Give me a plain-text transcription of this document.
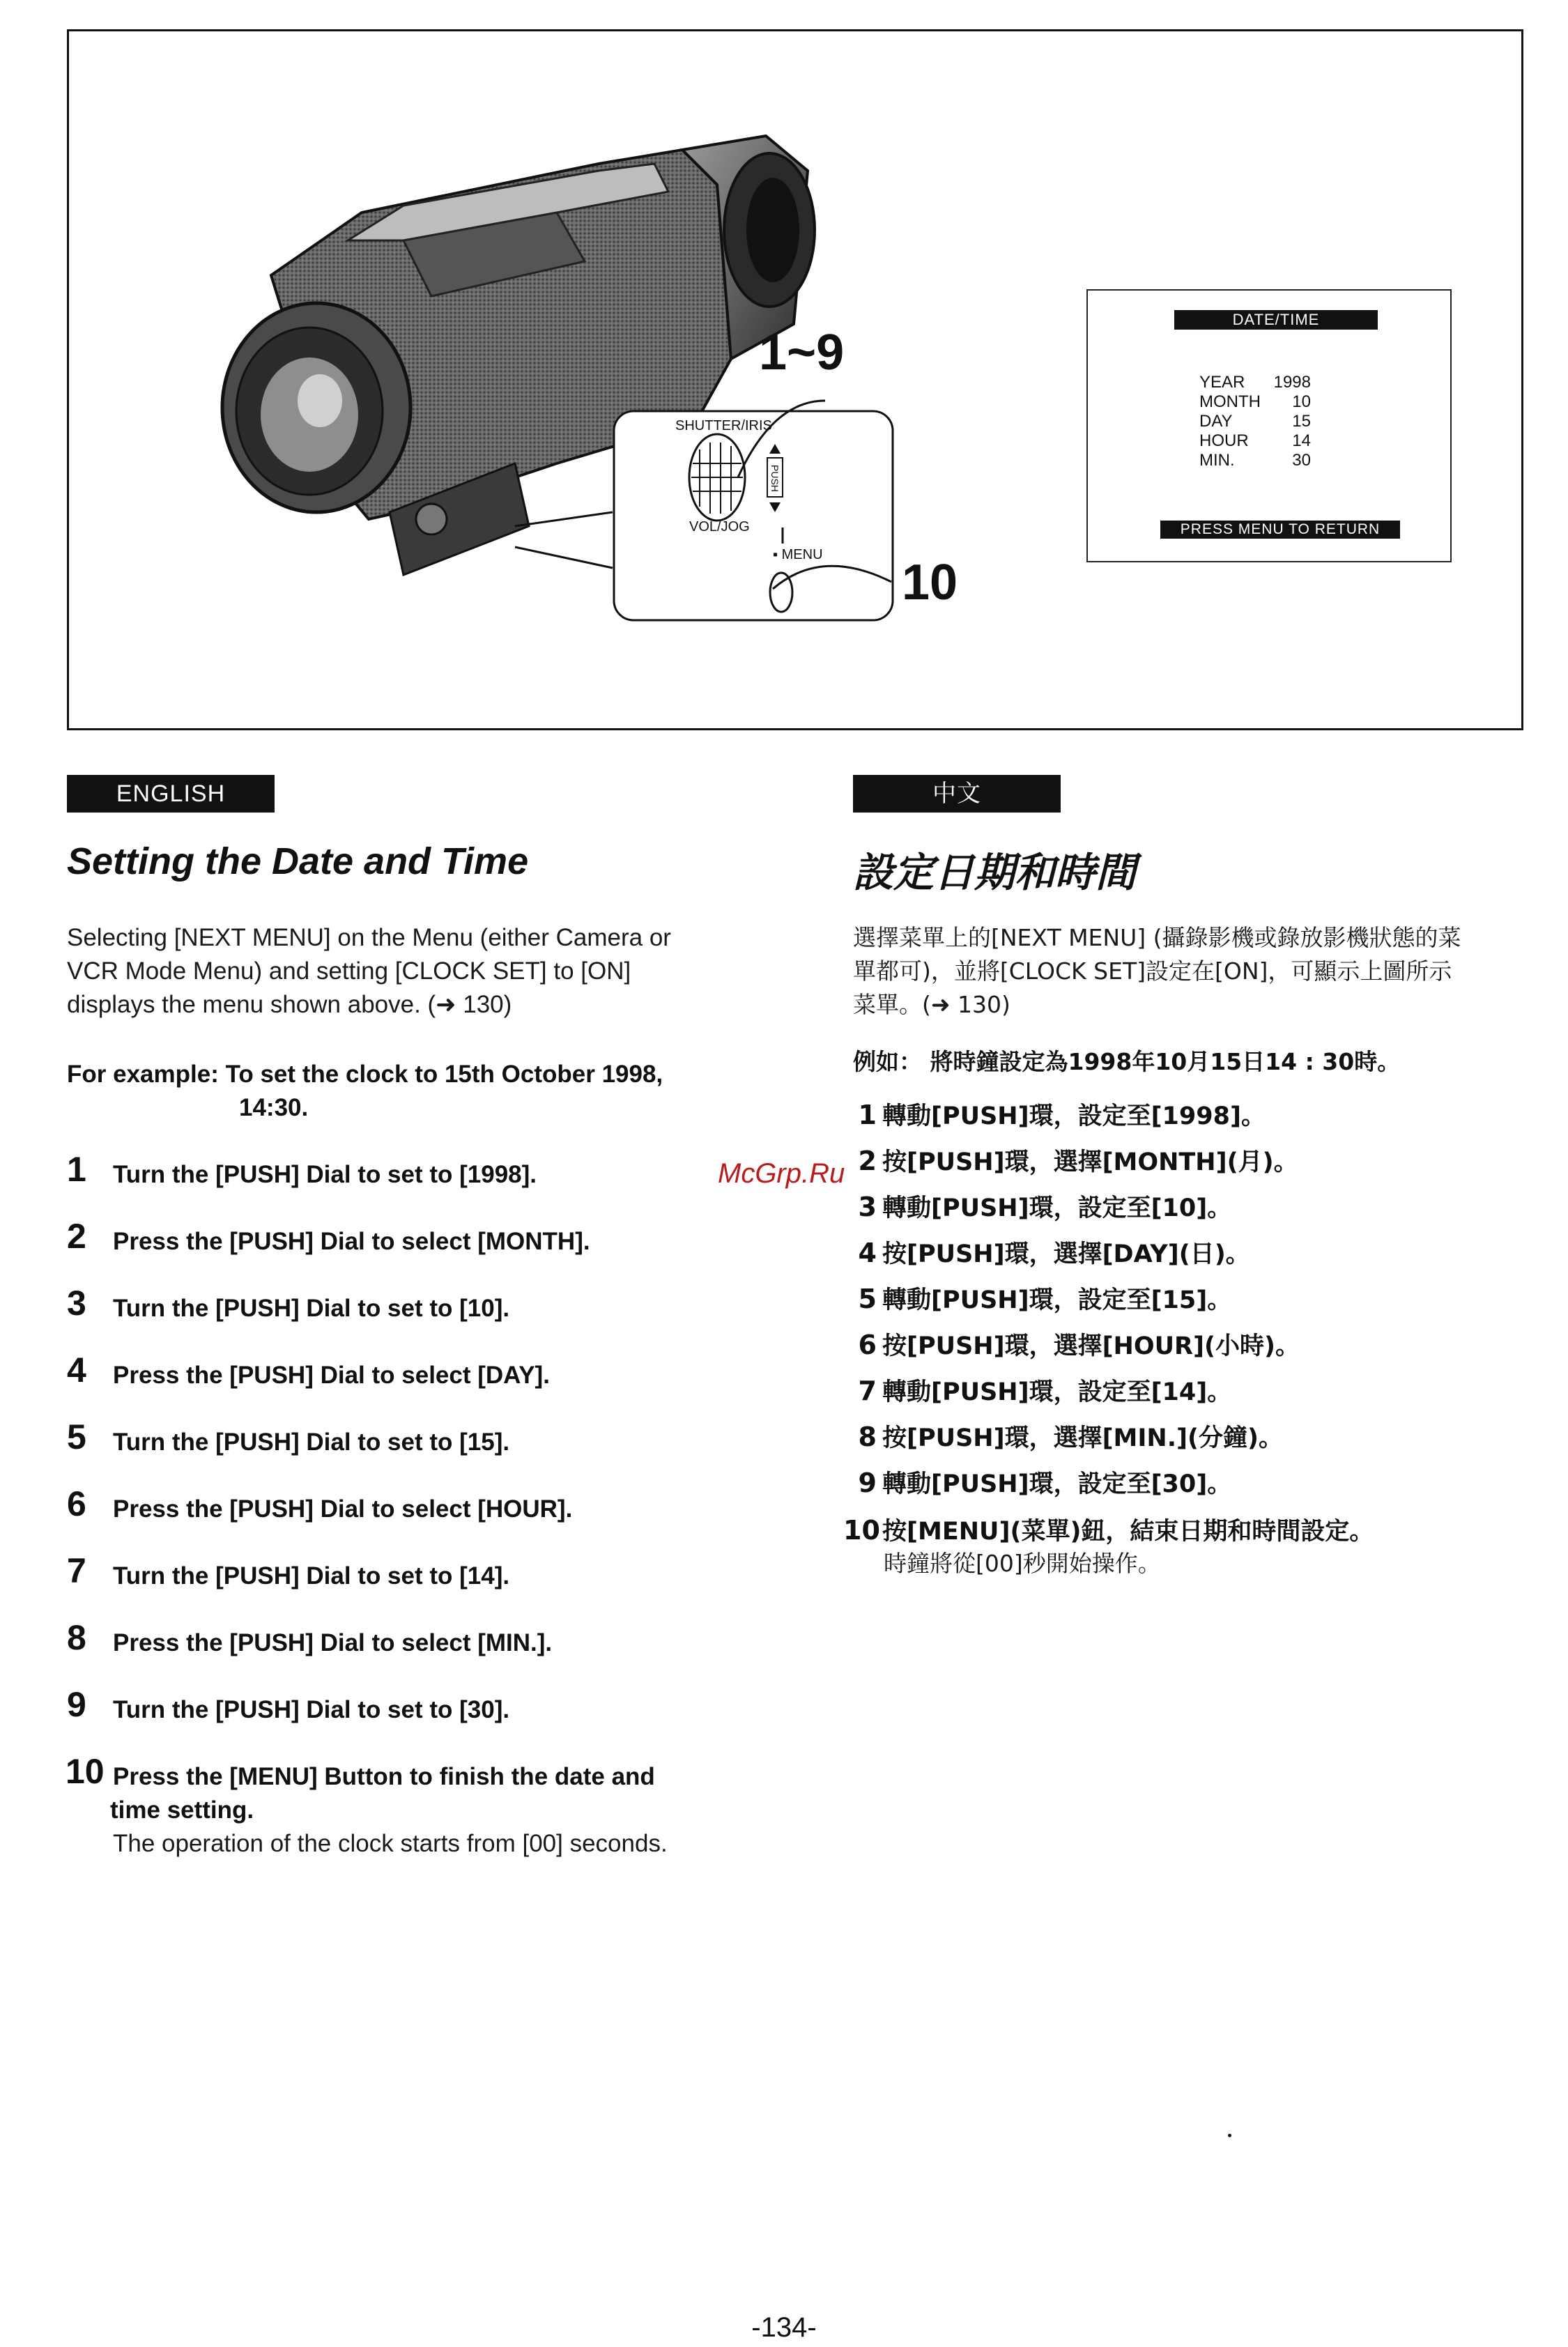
1~9
10
SHUTTER/IRIS
PUSH
VOL/JOG
▪ MENU
DATE/TIME
YEAR	1998
MONTH	10
DAY	15
HOUR	14
MIN.	30
PRESS MENU TO RETURN
ENGLISH
Setting the Date and Time
Selecting [NEXT MENU] on the Menu (either Camera or
VCR Mode Menu) and setting [CLOCK SET] to [ON]
displays the menu shown above. (➜ 130)
For example: To set the clock to 15th October 1998,
14:30.
1 Turn the [PUSH] Dial to set to [1998].
2 Press the [PUSH] Dial to select [MONTH].
3 Turn the [PUSH] Dial to set to [10].
4 Press the [PUSH] Dial to select [DAY].
5 Turn the [PUSH] Dial to set to [15].
6 Press the [PUSH] Dial to select [HOUR].
7 Turn the [PUSH] Dial to set to [14].
8 Press the [PUSH] Dial to select [MIN.].
9 Turn the [PUSH] Dial to set to [30].
10 Press the [MENU] Button to finish the date and
time setting.
The operation of the clock starts from [00] seconds.
中文
設定日期和時間
選擇菜單上的[NEXT MENU] (攝錄影機或錄放影機狀態的菜
單都可)，並將[CLOCK SET]設定在[ON]，可顯示上圖所示
菜單。(➜ 130)
例如： 將時鐘設定為1998年10月15日14 : 30時。
1 轉動[PUSH]環，設定至[1998]。
2 按[PUSH]環，選擇[MONTH](月)。
3 轉動[PUSH]環，設定至[10]。
4 按[PUSH]環，選擇[DAY](日)。
5 轉動[PUSH]環，設定至[15]。
6 按[PUSH]環，選擇[HOUR](小時)。
7 轉動[PUSH]環，設定至[14]。
8 按[PUSH]環，選擇[MIN.](分鐘)。
9 轉動[PUSH]環，設定至[30]。
10按[MENU](菜單)鈕，結束日期和時間設定。
時鐘將從[00]秒開始操作。
McGrp.Ru
-134-
